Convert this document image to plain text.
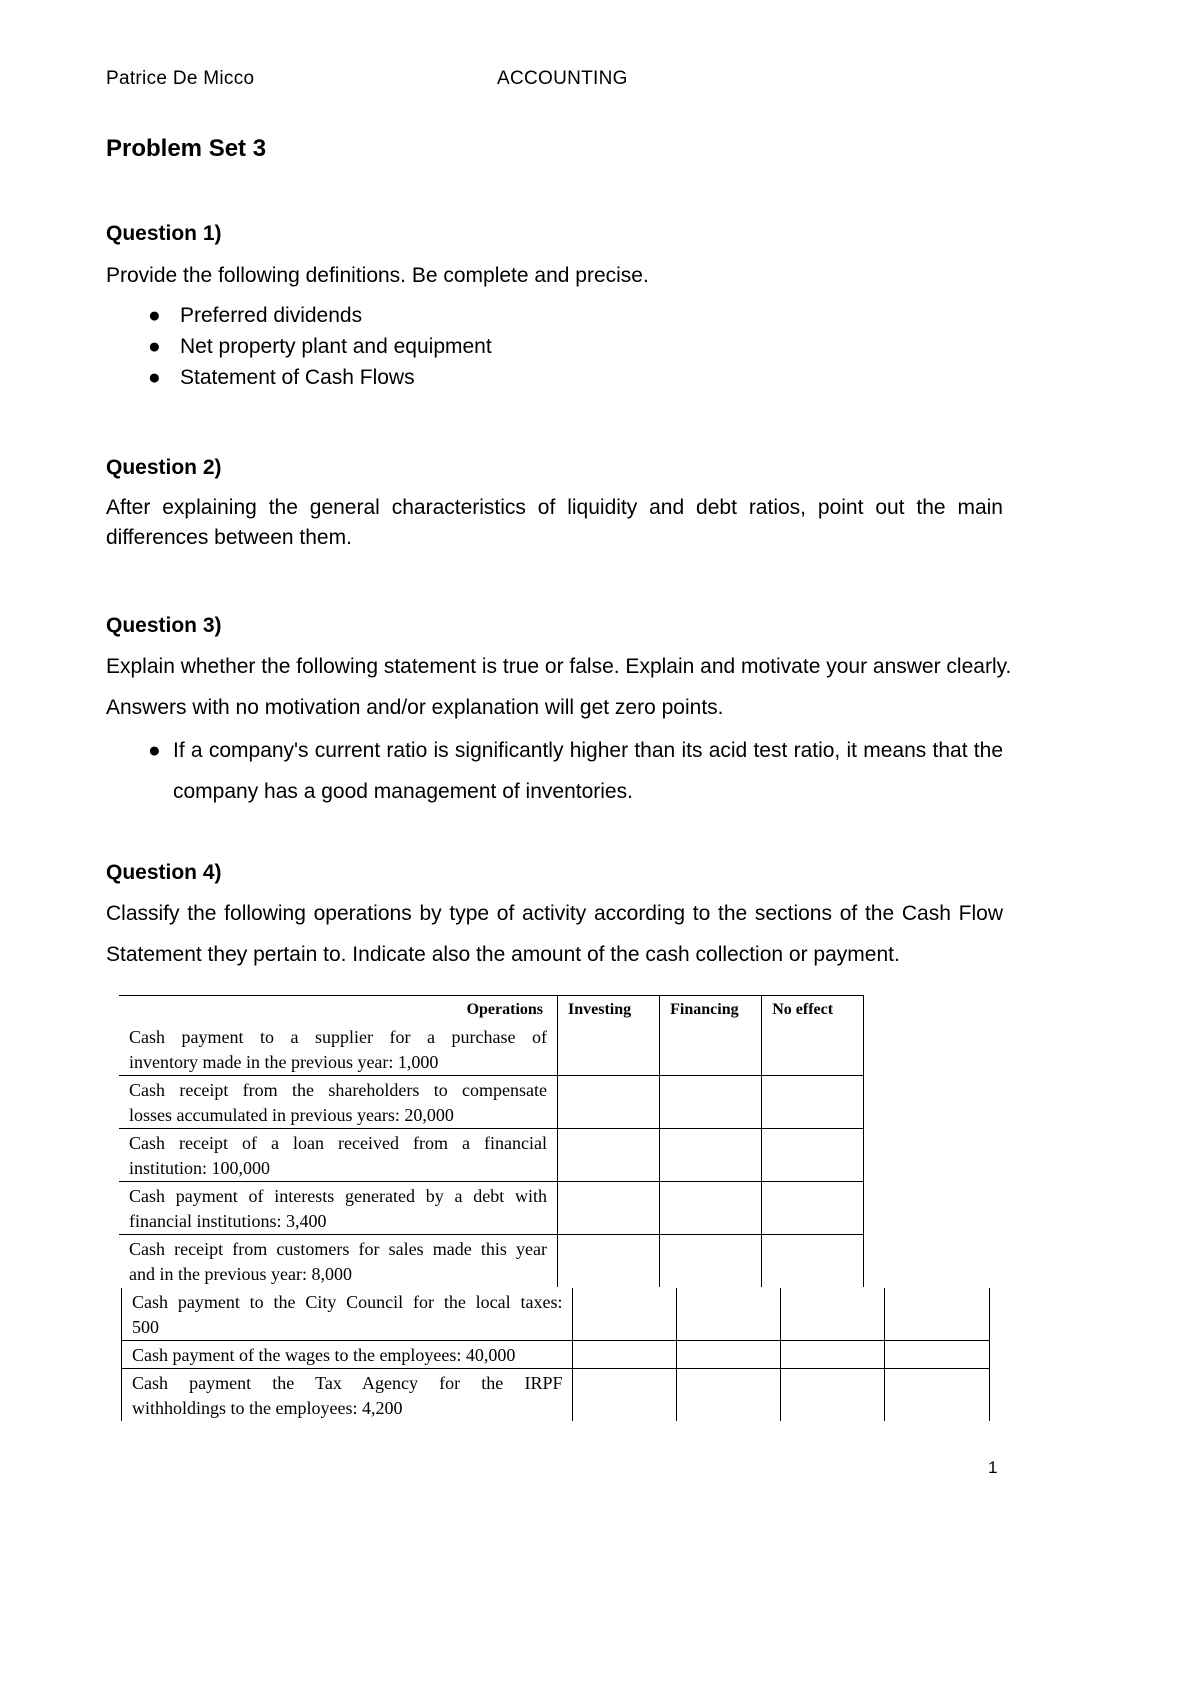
Patrice De Micco	ACCOUNTING
Problem Set 3
Question 1)
Provide the following definitions. Be complete and precise.
● Preferred dividends
● Net property plant and equipment
● Statement of Cash Flows
Question 2)
After explaining the general characteristics of liquidity and debt ratios, point out the main
differences between them.
Question 3)
Explain whether the following statement is true or false. Explain and motivate your answer clearly.
Answers with no motivation and/or explanation will get zero points.
● If a company's current ratio is significantly higher than its acid test ratio, it means that the
company has a good management of inventories.
Question 4)
Classify the following operations by type of activity according to the sections of the Cash Flow
Statement they pertain to. Indicate also the amount of the cash collection or payment.
Operations	Investing	Financing	No effect

Cash payment to a supplier for a purchase of
inventory made in the previous year: 1,000			

Cash receipt from the shareholders to compensate
losses accumulated in previous years: 20,000			

Cash receipt of a loan received from a financial
institution: 100,000			

Cash payment of interests generated by a debt with
financial institutions: 3,400			

Cash receipt from customers for sales made this year
and in the previous year: 8,000			

Cash payment to the City Council for the local taxes:
500				

Cash payment of the wages to the employees: 40,000				

Cash payment the Tax Agency for the IRPF
withholdings to the employees: 4,200				

1
